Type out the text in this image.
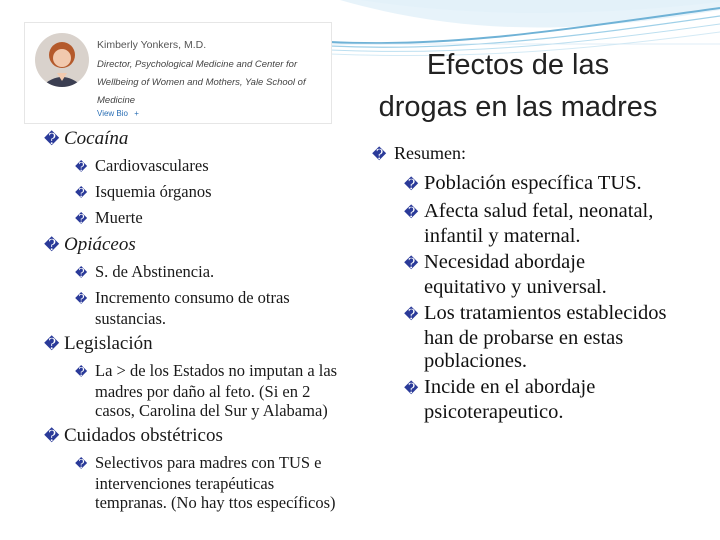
Kimberly Yonkers, M.D.
Director, Psychological Medicine and Center for
Wellbeing of Women and Mothers, Yale School of
Medicine
View Bio +
Efectos de las
drogas en las madres
� Cocaína
� Cardiovasculares
� Isquemia órganos
� Muerte
� Opiáceos
� S. de Abstinencia.
� Incremento consumo de otras sustancias.
� Legislación
� La > de los Estados no imputan a las madres por daño al feto. (Si en 2 casos, Carolina del Sur y Alabama)
� Cuidados obstétricos
� Selectivos para madres con TUS e intervenciones terapéuticas tempranas. (No hay ttos específicos)
� Resumen:
� Población específica TUS.
� Afecta salud fetal, neonatal, infantil y maternal.
� Necesidad abordaje equitativo y universal.
� Los tratamientos establecidos han de probarse en estas poblaciones.
� Incide en el abordaje psicoterapeutico.
